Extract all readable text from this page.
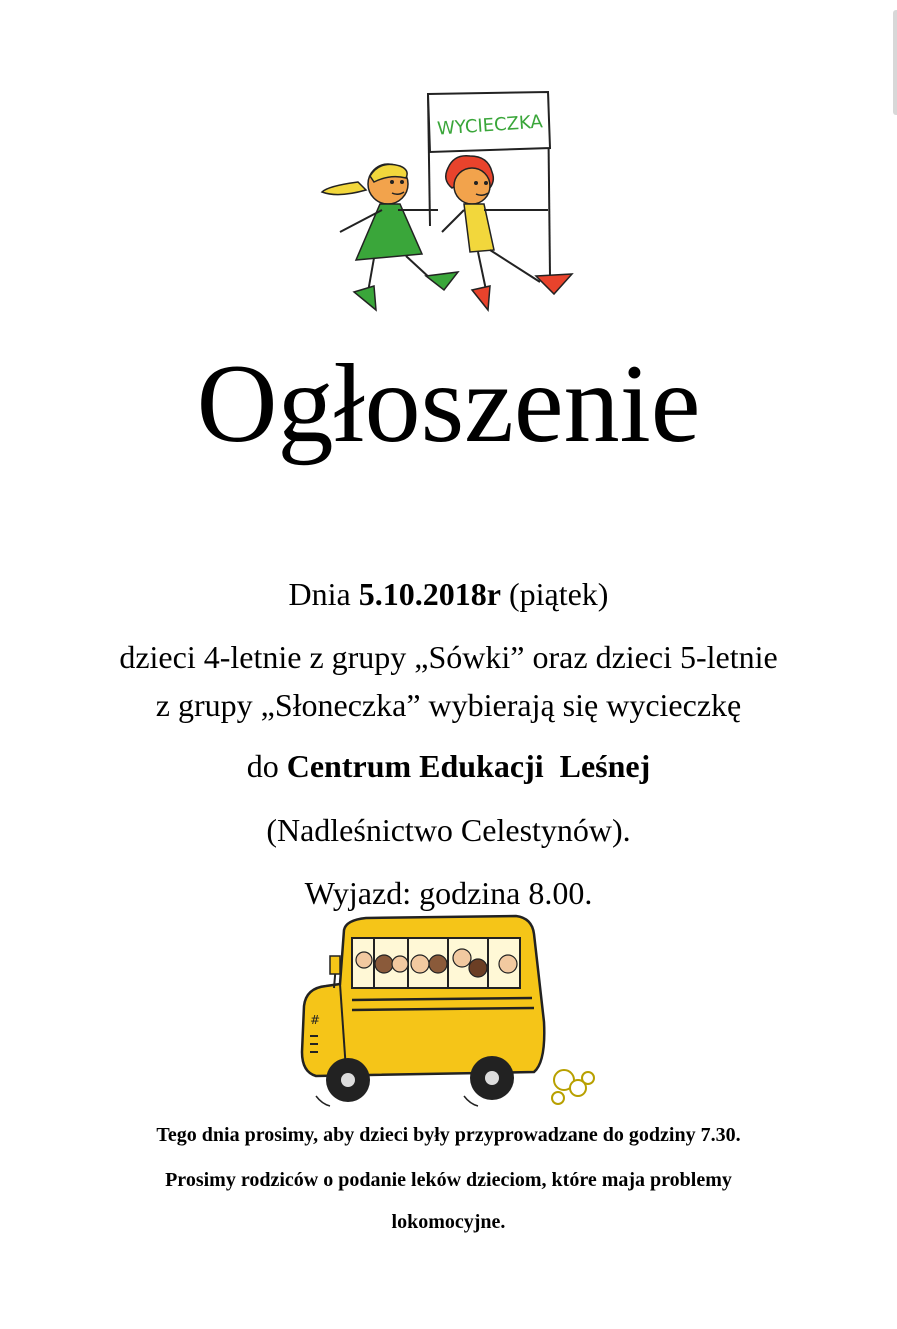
WYCIECZKA
Ogłoszenie
Dnia 5.10.2018r (piątek)
dzieci 4-letnie z grupy „Sówki” oraz dzieci 5-letnie
z grupy „Słoneczka” wybierają się wycieczkę
do Centrum Edukacji  Leśnej
(Nadleśnictwo Celestynów).
Wyjazd: godzina 8.00.
#
Tego dnia prosimy, aby dzieci były przyprowadzane do godziny 7.30.
Prosimy rodziców o podanie leków dzieciom, które maja problemy
lokomocyjne.
